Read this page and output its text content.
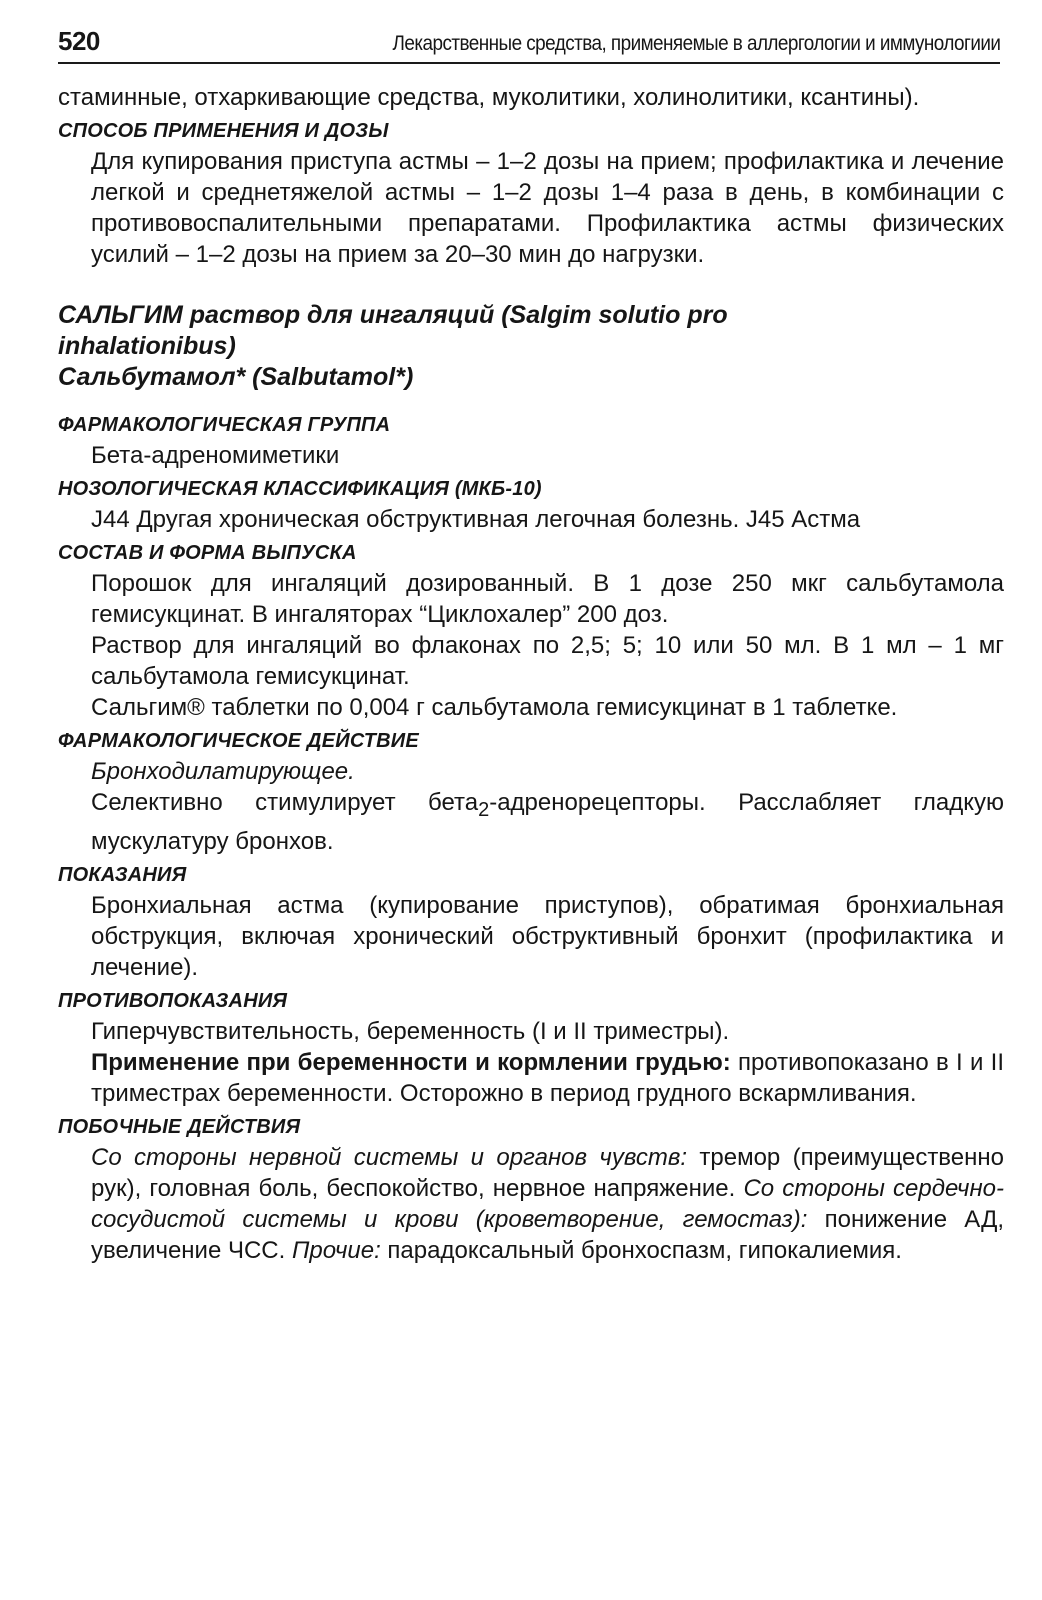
520	Лекарственные средства, применяемые в аллергологии и иммунологиии

стаминные, отхаркивающие средства, муколитики, холинолитики, ксантины).

СПОСОБ ПРИМЕНЕНИЯ И ДОЗЫ

Для купирования приступа астмы – 1–2 дозы на прием; профилактика и лечение легкой и среднетяжелой астмы – 1–2 дозы 1–4 раза в день, в комбинации с противовоспалительными препаратами. Профилактика астмы физических усилий – 1–2 дозы на прием за 20–30 мин до нагрузки.

САЛЬГИМ раствор для ингаляций (Salgim solutio pro

inhalationibus)

Сальбутамол* (Salbutamol*)

ФАРМАКОЛОГИЧЕСКАЯ ГРУППА

Бета-адреномиметики

НОЗОЛОГИЧЕСКАЯ КЛАССИФИКАЦИЯ (МКБ-10)

J44 Другая хроническая обструктивная легочная болезнь. J45 Астма

СОСТАВ И ФОРМА ВЫПУСКА

Порошок для ингаляций дозированный. В 1 дозе 250 мкг сальбутамола гемисукцинат. В ингаляторах “Циклохалер” 200 доз.

Раствор для ингаляций во флаконах по 2,5; 5; 10 или 50 мл. В 1 мл – 1 мг сальбутамола гемисукцинат.

Сальгим® таблетки по 0,004 г сальбутамола гемисукцинат в 1 таблетке.

ФАРМАКОЛОГИЧЕСКОЕ ДЕЙСТВИЕ

Бронходилатирующее.

Селективно стимулирует бета$_2$-адренорецепторы. Расслабляет гладкую мускулатуру бронхов.

ПОКАЗАНИЯ

Бронхиальная астма (купирование приступов), обратимая бронхиальная обструкция, включая хронический обструктивный бронхит (профилактика и лечение).

ПРОТИВОПОКАЗАНИЯ

Гиперчувствительность, беременность (I и II триместры).

Применение при беременности и кормлении грудью: противопоказано в I и II триместрах беременности. Осторожно в период грудного вскармливания.

ПОБОЧНЫЕ ДЕЙСТВИЯ

Со стороны нервной системы и органов чувств: тремор (преимущественно рук), головная боль, беспокойство, нервное напряжение. Со стороны сердечно-сосудистой системы и крови (кроветворение, гемостаз): понижение АД, увеличение ЧСС. Прочие: парадоксальный бронхоспазм, гипокалиемия.
